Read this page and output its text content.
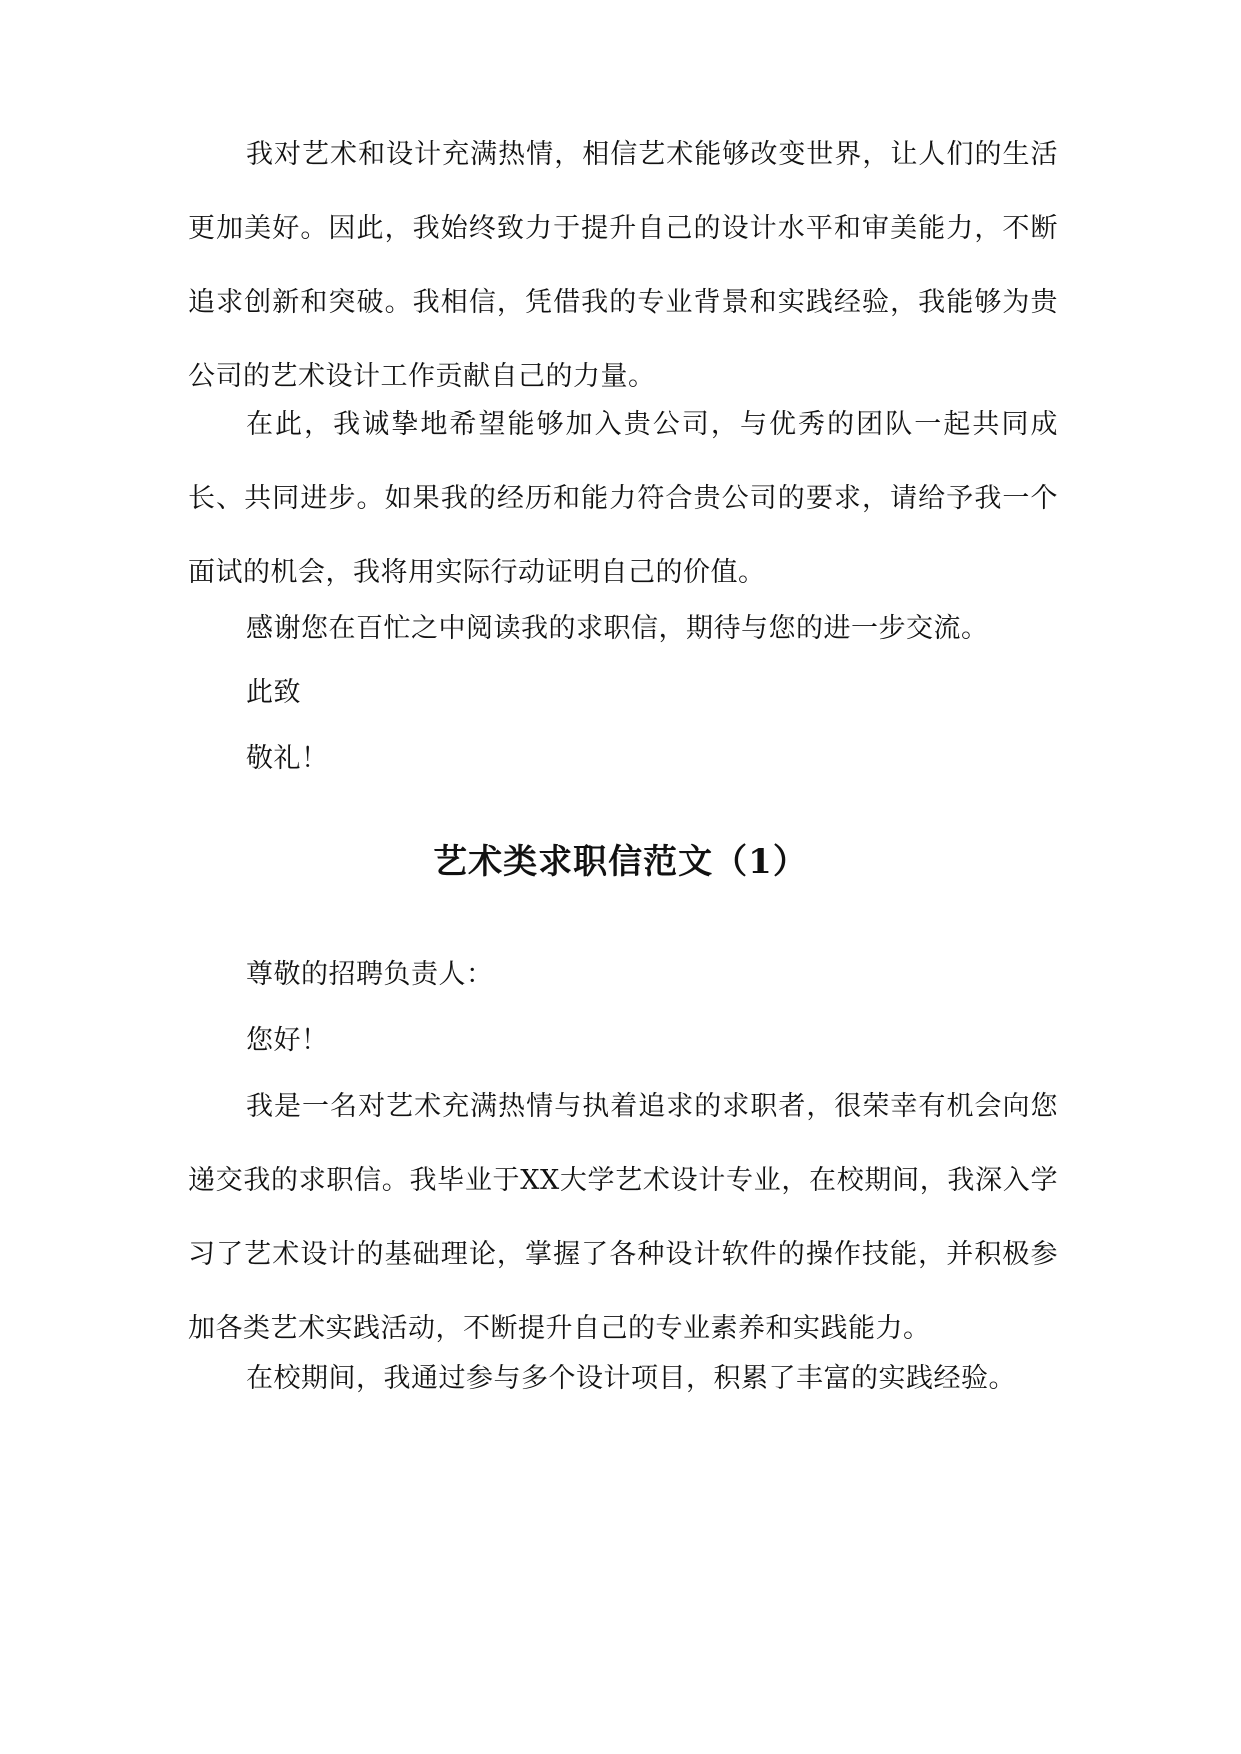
我对艺术和设计充满热情，相信艺术能够改变世界，让人们的生活更加美好。因此，我始终致力于提升自己的设计水平和审美能力，不断追求创新和突破。我相信，凭借我的专业背景和实践经验，我能够为贵公司的艺术设计工作贡献自己的力量。

在此，我诚挚地希望能够加入贵公司，与优秀的团队一起共同成长、共同进步。如果我的经历和能力符合贵公司的要求，请给予我一个面试的机会，我将用实际行动证明自己的价值。

感谢您在百忙之中阅读我的求职信，期待与您的进一步交流。

此致

敬礼！

艺术类求职信范文（1）

尊敬的招聘负责人：

您好！

我是一名对艺术充满热情与执着追求的求职者，很荣幸有机会向您递交我的求职信。我毕业于XX大学艺术设计专业，在校期间，我深入学习了艺术设计的基础理论，掌握了各种设计软件的操作技能，并积极参加各类艺术实践活动，不断提升自己的专业素养和实践能力。

在校期间，我通过参与多个设计项目，积累了丰富的实践经验。
